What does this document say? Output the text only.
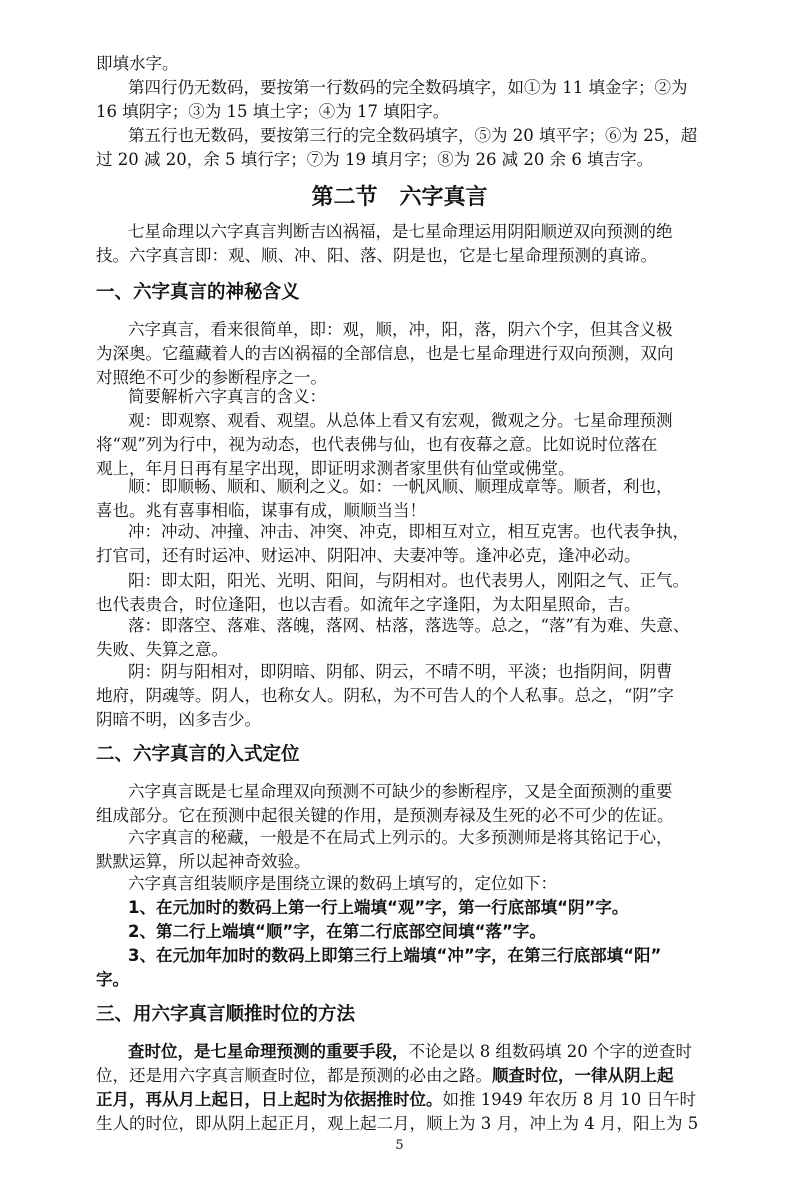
即填水字。

第四行仍无数码，要按第一行数码的完全数码填字，如①为 11 填金字；②为
16 填阴字；③为 15 填土字；④为 17 填阳字。

第五行也无数码，要按第三行的完全数码填字，⑤为 20 填平字；⑥为 25，超
过 20 减 20，余 5 填行字；⑦为 19 填月字；⑧为 26 减 20 余 6 填吉字。

第二节　六字真言

七星命理以六字真言判断吉凶祸福，是七星命理运用阴阳顺逆双向预测的绝
技。六字真言即：观、顺、冲、阳、落、阴是也，它是七星命理预测的真谛。

一、六字真言的神秘含义

六字真言，看来很简单，即：观，顺，冲，阳，落，阴六个字，但其含义极
为深奥。它蕴藏着人的吉凶祸福的全部信息，也是七星命理进行双向预测，双向
对照绝不可少的参断程序之一。

简要解析六字真言的含义：

观：即观察、观看、观望。从总体上看又有宏观，微观之分。七星命理预测
将“观”列为行中，视为动态，也代表佛与仙，也有夜幕之意。比如说时位落在
观上，年月日再有星字出现，即证明求测者家里供有仙堂或佛堂。

顺：即顺畅、顺和、顺利之义。如：一帆风顺、顺理成章等。顺者，利也，
喜也。兆有喜事相临，谋事有成，顺顺当当！

冲：冲动、冲撞、冲击、冲突、冲克，即相互对立，相互克害。也代表争执，
打官司，还有时运冲、财运冲、阴阳冲、夫妻冲等。逢冲必克，逢冲必动。

阳：即太阳，阳光、光明、阳间，与阴相对。也代表男人，刚阳之气、正气。
也代表贵合，时位逢阳，也以吉看。如流年之字逢阳，为太阳星照命，吉。

落：即落空、落难、落魄，落网、枯落，落选等。总之，“落”有为难、失意、
失败、失算之意。

阴：阴与阳相对，即阴暗、阴郁、阴云，不晴不明，平淡；也指阴间，阴曹
地府，阴魂等。阴人，也称女人。阴私，为不可告人的个人私事。总之，“阴”字
阴暗不明，凶多吉少。

二、六字真言的入式定位

六字真言既是七星命理双向预测不可缺少的参断程序，又是全面预测的重要
组成部分。它在预测中起很关键的作用，是预测寿禄及生死的必不可少的佐证。

六字真言的秘藏，一般是不在局式上列示的。大多预测师是将其铭记于心，
默默运算，所以起神奇效验。

六字真言组装顺序是围绕立课的数码上填写的，定位如下：

1、在元加时的数码上第一行上端填“观”字，第一行底部填“阴”字。

2、第二行上端填“顺”字，在第二行底部空间填“落”字。

3、在元加年加时的数码上即第三行上端填“冲”字，在第三行底部填“阳”
字。

三、用六字真言顺推时位的方法

查时位，是七星命理预测的重要手段，不论是以 8 组数码填 20 个字的逆查时
位，还是用六字真言顺查时位，都是预测的必由之路。顺查时位，一律从阴上起
正月，再从月上起日，日上起时为依据推时位。如推 1949 年农历 8 月 10 日午时
生人的时位，即从阴上起正月，观上起二月，顺上为 3 月，冲上为 4 月，阳上为 5

5
